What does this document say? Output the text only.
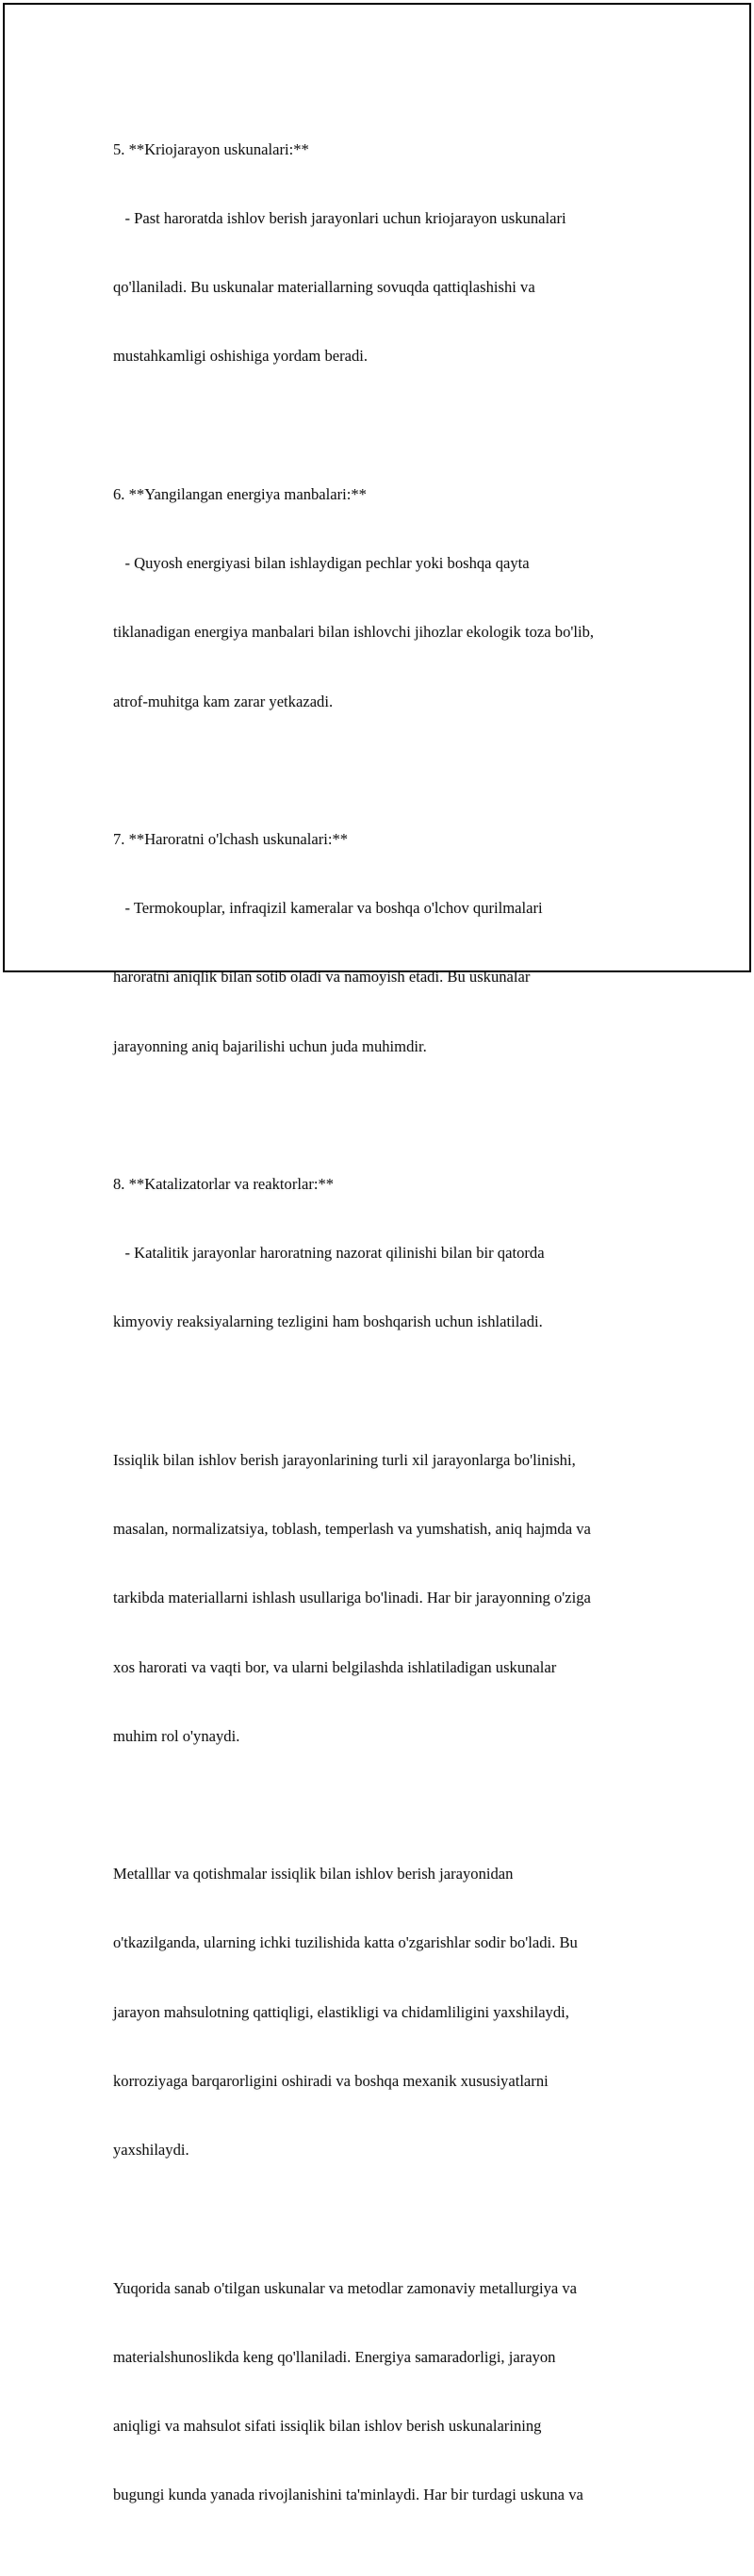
5. **Kriojarayon uskunalari:**

- Past haroratda ishlov berish jarayonlari uchun kriojarayon uskunalari

qo'llaniladi. Bu uskunalar materiallarning sovuqda qattiqlashishi va

mustahkamligi oshishiga yordam beradi.

6. **Yangilangan energiya manbalari:**

- Quyosh energiyasi bilan ishlaydigan pechlar yoki boshqa qayta

tiklanadigan energiya manbalari bilan ishlovchi jihozlar ekologik toza bo'lib,

atrof-muhitga kam zarar yetkazadi.

7. **Haroratni o'lchash uskunalari:**

- Termokouplar, infraqizil kameralar va boshqa o'lchov qurilmalari

haroratni aniqlik bilan sotib oladi va namoyish etadi. Bu uskunalar

jarayonning aniq bajarilishi uchun juda muhimdir.

8. **Katalizatorlar va reaktorlar:**

- Katalitik jarayonlar haroratning nazorat qilinishi bilan bir qatorda

kimyoviy reaksiyalarning tezligini ham boshqarish uchun ishlatiladi.

Issiqlik bilan ishlov berish jarayonlarining turli xil jarayonlarga bo'linishi,

masalan, normalizatsiya, toblash, temperlash va yumshatish, aniq hajmda va

tarkibda materiallarni ishlash usullariga bo'linadi. Har bir jarayonning o'ziga

xos harorati va vaqti bor, va ularni belgilashda ishlatiladigan uskunalar

muhim rol o'ynaydi.

Metalllar va qotishmalar issiqlik bilan ishlov berish jarayonidan

o'tkazilganda, ularning ichki tuzilishida katta o'zgarishlar sodir bo'ladi. Bu

jarayon mahsulotning qattiqligi, elastikligi va chidamliligini yaxshilaydi,

korroziyaga barqarorligini oshiradi va boshqa mexanik xususiyatlarni

yaxshilaydi.

Yuqorida sanab o'tilgan uskunalar va metodlar zamonaviy metallurgiya va

materialshunoslikda keng qo'llaniladi. Energiya samaradorligi, jarayon

aniqligi va mahsulot sifati issiqlik bilan ishlov berish uskunalarining

bugungi kunda yanada rivojlanishini ta'minlaydi. Har bir turdagi uskuna va
